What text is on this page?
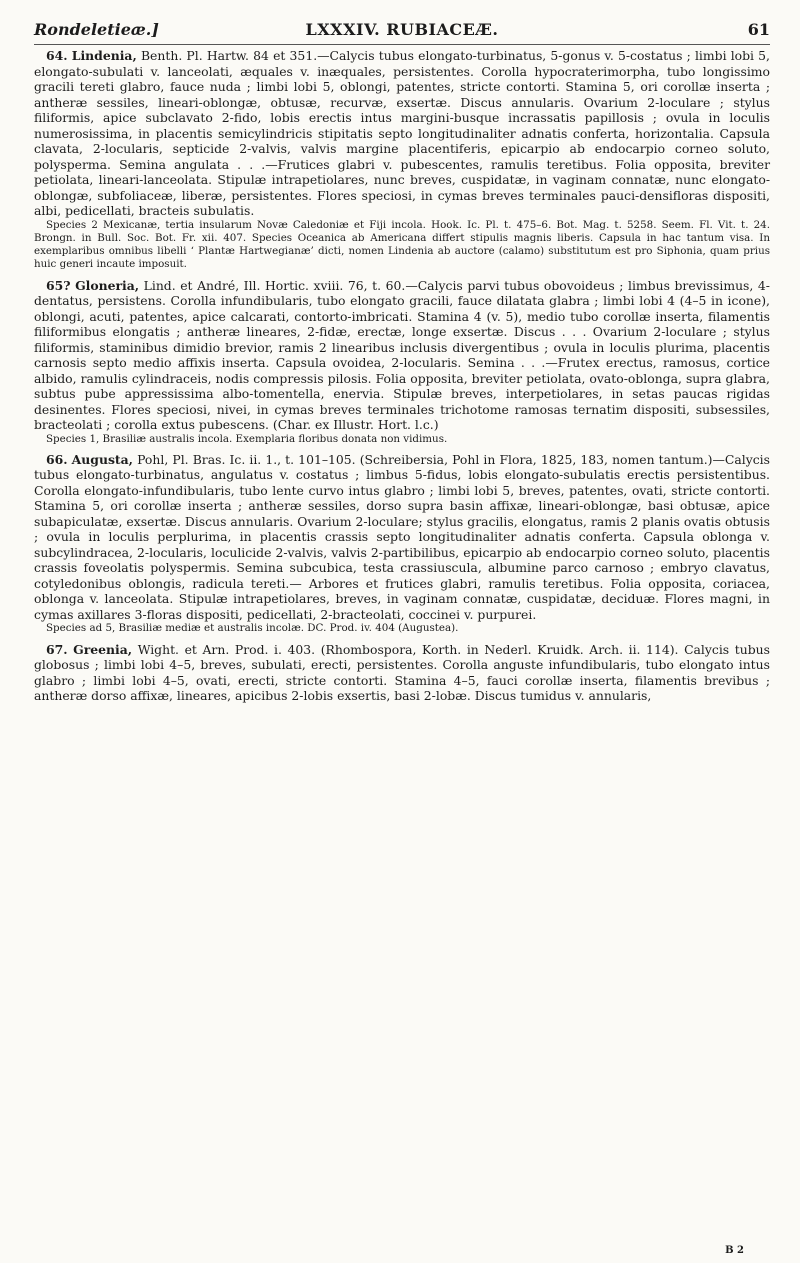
Rondeletieæ.]	LXXXIV. RUBIACEÆ.	61

64. Lindenia, Benth. Pl. Hartw. 84 et 351.—Calycis tubus elongato-turbinatus, 5-gonus v. 5-costatus ; limbi lobi 5, elongato-subulati v. lanceolati, æquales v. inæquales, persistentes. Corolla hypocraterimorpha, tubo longissimo gracili tereti glabro, fauce nuda ; limbi lobi 5, oblongi, patentes, stricte contorti. Stamina 5, ori corollæ inserta ; antheræ sessiles, lineari-oblongæ, obtusæ, recurvæ, exsertæ. Discus annularis. Ovarium 2-loculare ; stylus filiformis, apice subclavato 2-fido, lobis erectis intus margini-busque incrassatis papillosis ; ovula in loculis numerosissima, in placentis semicylindricis stipitatis septo longitudinaliter adnatis conferta, horizontalia. Capsula clavata, 2-locularis, septicide 2-valvis, valvis margine placentiferis, epicarpio ab endocarpio corneo soluto, polysperma. Semina angulata . . .—Frutices glabri v. pubescentes, ramulis teretibus. Folia opposita, breviter petiolata, lineari-lanceolata. Stipulæ intrapetiolares, nunc breves, cuspidatæ, in vaginam connatæ, nunc elongato-oblongæ, subfoliaceæ, liberæ, persistentes. Flores speciosi, in cymas breves terminales pauci-densifloras dispositi, albi, pedicellati, bracteis subulatis.

Species 2 Mexicanæ, tertia insularum Novæ Caledoniæ et Fiji incola. Hook. Ic. Pl. t. 475–6. Bot. Mag. t. 5258. Seem. Fl. Vit. t. 24. Brongn. in Bull. Soc. Bot. Fr. xii. 407. Species Oceanica ab Americana differt stipulis magnis liberis. Capsula in hac tantum visa. In exemplaribus omnibus libelli ‘ Plantæ Hartwegianæ’ dicti, nomen Lindenia ab auctore (calamo) substitutum est pro Siphonia, quam prius huic generi incaute imposuit.

65? Gloneria, Lind. et André, Ill. Hortic. xviii. 76, t. 60.—Calycis parvi tubus obovoideus ; limbus brevissimus, 4-dentatus, persistens. Corolla infundibularis, tubo elongato gracili, fauce dilatata glabra ; limbi lobi 4 (4–5 in icone), oblongi, acuti, patentes, apice calcarati, contorto-imbricati. Stamina 4 (v. 5), medio tubo corollæ inserta, filamentis filiformibus elongatis ; antheræ lineares, 2-fidæ, erectæ, longe exsertæ. Discus . . . Ovarium 2-loculare ; stylus filiformis, staminibus dimidio brevior, ramis 2 linearibus inclusis divergentibus ; ovula in loculis plurima, placentis carnosis septo medio affixis inserta. Capsula ovoidea, 2-locularis. Semina . . .—Frutex erectus, ramosus, cortice albido, ramulis cylindraceis, nodis compressis pilosis. Folia opposita, breviter petiolata, ovato-oblonga, supra glabra, subtus pube appressissima albo-tomentella, enervia. Stipulæ breves, interpetiolares, in setas paucas rigidas desinentes. Flores speciosi, nivei, in cymas breves terminales trichotome ramosas ternatim dispositi, subsessiles, bracteolati ; corolla extus pubescens. (Char. ex Illustr. Hort. l.c.)

Species 1, Brasiliæ australis incola. Exemplaria floribus donata non vidimus.

66. Augusta, Pohl, Pl. Bras. Ic. ii. 1., t. 101–105. (Schreibersia, Pohl in Flora, 1825, 183, nomen tantum.)—Calycis tubus elongato-turbinatus, angulatus v. costatus ; limbus 5-fidus, lobis elongato-subulatis erectis persistentibus. Corolla elongato-infundibularis, tubo lente curvo intus glabro ; limbi lobi 5, breves, patentes, ovati, stricte contorti. Stamina 5, ori corollæ inserta ; antheræ sessiles, dorso supra basin affixæ, lineari-oblongæ, basi obtusæ, apice subapiculatæ, exsertæ. Discus annularis. Ovarium 2-loculare; stylus gracilis, elongatus, ramis 2 planis ovatis obtusis ; ovula in loculis perplurima, in placentis crassis septo longitudinaliter adnatis conferta. Capsula oblonga v. subcylindracea, 2-locularis, loculicide 2-valvis, valvis 2-partibilibus, epicarpio ab endocarpio corneo soluto, placentis crassis foveolatis polyspermis. Semina subcubica, testa crassiuscula, albumine parco carnoso ; embryo clavatus, cotyledonibus oblongis, radicula tereti.— Arbores et frutices glabri, ramulis teretibus. Folia opposita, coriacea, oblonga v. lanceolata. Stipulæ intrapetiolares, breves, in vaginam connatæ, cuspidatæ, deciduæ. Flores magni, in cymas axillares 3-floras dispositi, pedicellati, 2-bracteolati, coccinei v. purpurei.

Species ad 5, Brasiliæ mediæ et australis incolæ. DC. Prod. iv. 404 (Augustea).

67. Greenia, Wight. et Arn. Prod. i. 403. (Rhombospora, Korth. in Nederl. Kruidk. Arch. ii. 114). Calycis tubus globosus ; limbi lobi 4–5, breves, subulati, erecti, persistentes. Corolla anguste infundibularis, tubo elongato intus glabro ; limbi lobi 4–5, ovati, erecti, stricte contorti. Stamina 4–5, fauci corollæ inserta, filamentis brevibus ; antheræ dorso affixæ, lineares, apicibus 2-lobis exsertis, basi 2-lobæ. Discus tumidus v. annularis,

B 2
